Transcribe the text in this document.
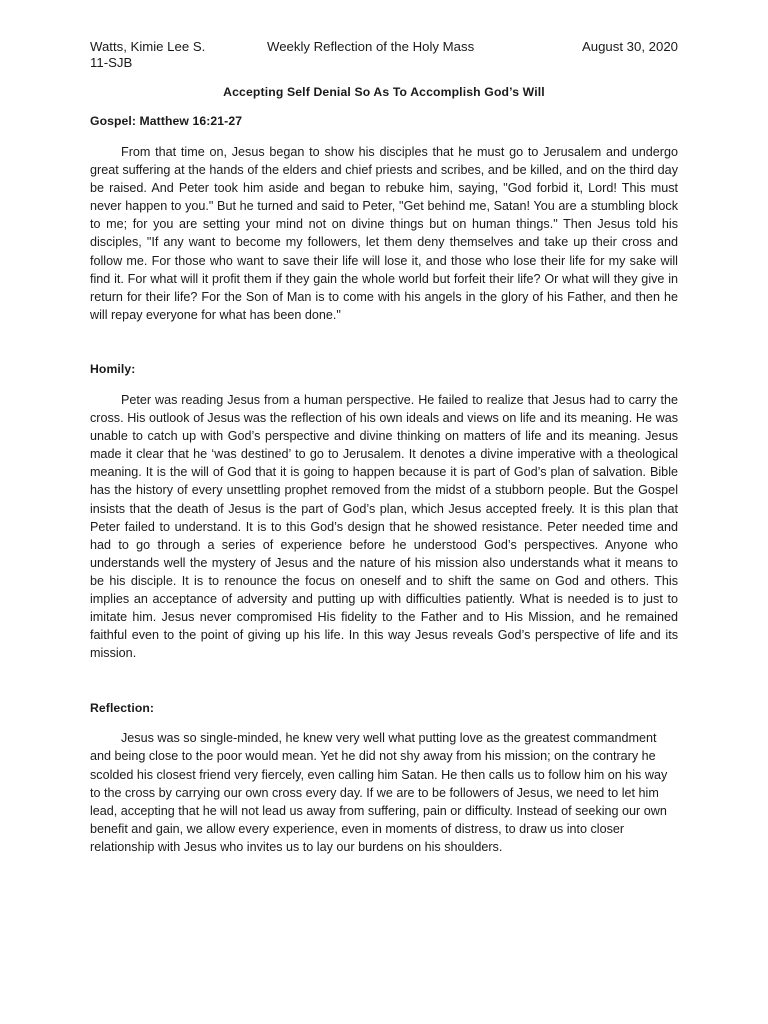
Watts, Kimie Lee S.	Weekly Reflection of the Holy Mass	August 30, 2020
11-SJB
Accepting Self Denial So As To Accomplish God’s Will
Gospel: Matthew 16:21-27

From that time on, Jesus began to show his disciples that he must go to Jerusalem and undergo great suffering at the hands of the elders and chief priests and scribes, and be killed, and on the third day be raised. And Peter took him aside and began to rebuke him, saying, "God forbid it, Lord! This must never happen to you." But he turned and said to Peter, "Get behind me, Satan! You are a stumbling block to me; for you are setting your mind not on divine things but on human things." Then Jesus told his disciples, "If any want to become my followers, let them deny themselves and take up their cross and follow me. For those who want to save their life will lose it, and those who lose their life for my sake will find it. For what will it profit them if they gain the whole world but forfeit their life? Or what will they give in return for their life? For the Son of Man is to come with his angels in the glory of his Father, and then he will repay everyone for what has been done."

Homily:

Peter was reading Jesus from a human perspective. He failed to realize that Jesus had to carry the cross. His outlook of Jesus was the reflection of his own ideals and views on life and its meaning. He was unable to catch up with God’s perspective and divine thinking on matters of life and its meaning. Jesus made it clear that he ‘was destined’ to go to Jerusalem. It denotes a divine imperative with a theological meaning. It is the will of God that it is going to happen because it is part of God’s plan of salvation. Bible has the history of every unsettling prophet removed from the midst of a stubborn people. But the Gospel insists that the death of Jesus is the part of God’s plan, which Jesus accepted freely. It is this plan that Peter failed to understand. It is to this God’s design that he showed resistance. Peter needed time and had to go through a series of experience before he understood God’s perspectives. Anyone who understands well the mystery of Jesus and the nature of his mission also understands what it means to be his disciple. It is to renounce the focus on oneself and to shift the same on God and others. This implies an acceptance of adversity and putting up with difficulties patiently. What is needed is to just to imitate him. Jesus never compromised His fidelity to the Father and to His Mission, and he remained faithful even to the point of giving up his life. In this way Jesus reveals God’s perspective of life and its mission.

Reflection:

Jesus was so single-minded, he knew very well what putting love as the greatest commandment and being close to the poor would mean. Yet he did not shy away from his mission; on the contrary he scolded his closest friend very fiercely, even calling him Satan. He then calls us to follow him on his way to the cross by carrying our own cross every day. If we are to be followers of Jesus, we need to let him lead, accepting that he will not lead us away from suffering, pain or difficulty. Instead of seeking our own benefit and gain, we allow every experience, even in moments of distress, to draw us into closer relationship with Jesus who invites us to lay our burdens on his shoulders.
